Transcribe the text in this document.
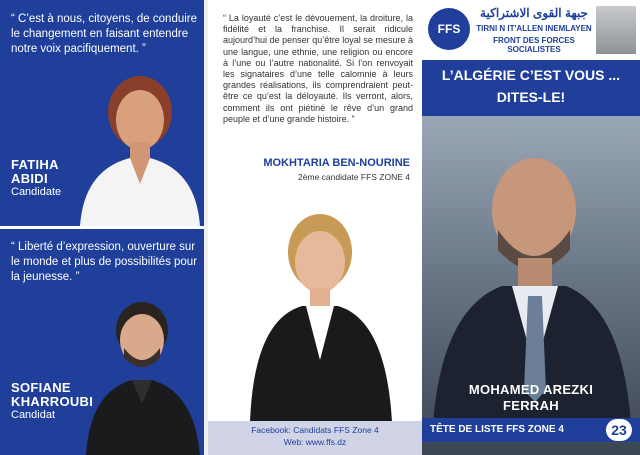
“ C’est à nous, citoyens, de conduire le changement en faisant entendre notre voix pacifiquement. ”

FATIHA
ABIDI
Candidate

“ Liberté d’expression, ouverture sur le monde et plus de possibilités pour la jeunesse. ”

SOFIANE
KHARROUBI
Candidat

“ La loyauté c’est le dévouement, la droiture, la fidélité et la franchise. Il serait ridicule aujourd’hui de penser qu’être loyal se mesure à une langue, une ethnie, une religion ou encore à l’une ou l’autre nationalité. Si l’on renvoyait les signataires d’une telle calomnie à leurs grandes réalisations, ils comprendraient peut-être ce qu’est la déloyauté. Ils verront, alors, comment ils ont piétiné le rêve d’un grand peuple et d’une grande histoire. ”

MOKHTARIA BEN-NOURINE
2ème candidate FFS ZONE 4
Facebook: Candidats FFS Zone 4
Web: www.ffs.dz
FFS
جبهة القوى الاشتراكية
TIRNI N IT'ALLEN INEMLAYEN
FRONT DES FORCES SOCIALISTES
L’ALGÉRIE C’EST VOUS ...
DITES-LE!
MOHAMED AREZKI
FERRAH
TÊTE DE LISTE FFS ZONE 4	23
